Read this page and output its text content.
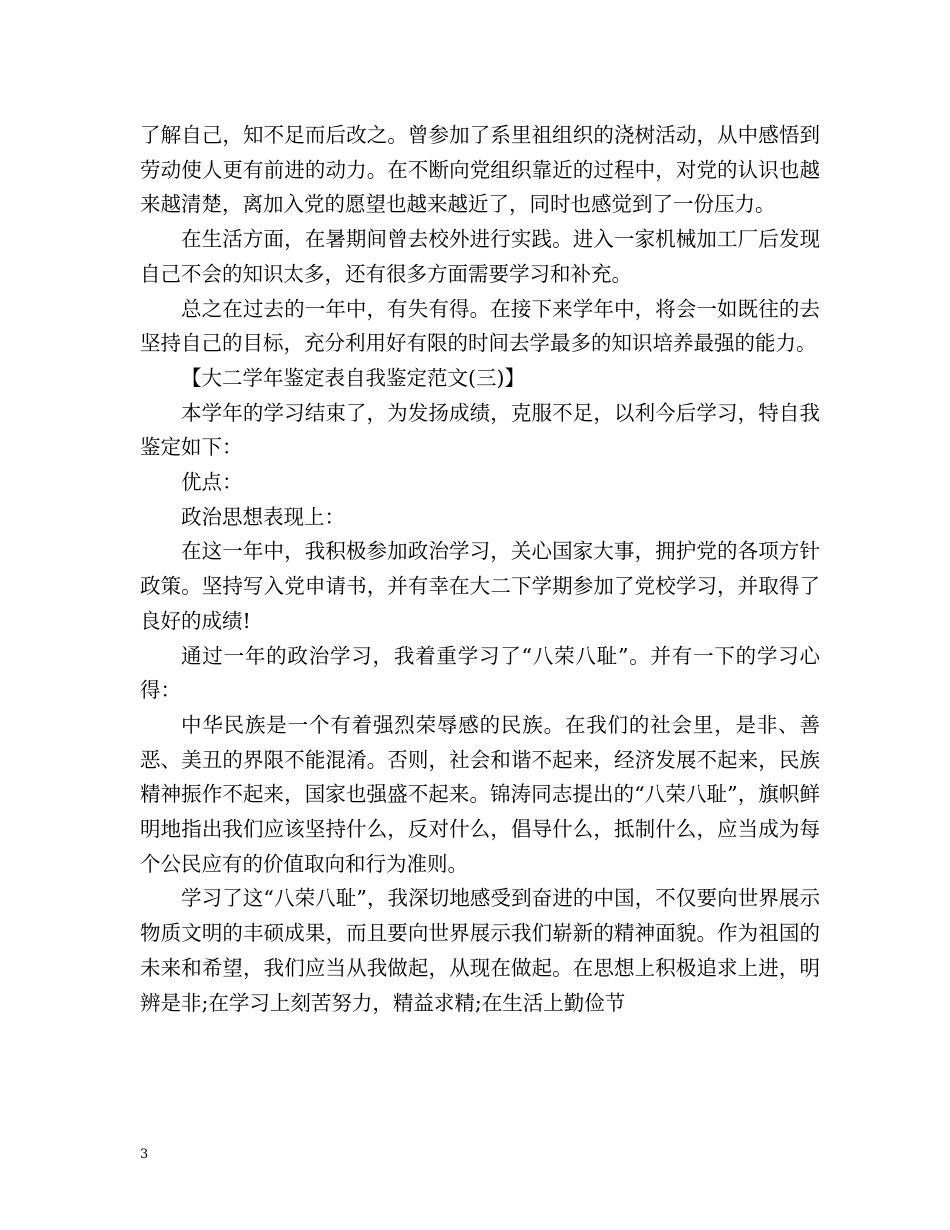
了解自己，知不足而后改之。曾参加了系里祖组织的浇树活动，从中感悟到劳动使人更有前进的动力。在不断向党组织靠近的过程中，对党的认识也越来越清楚，离加入党的愿望也越来越近了，同时也感觉到了一份压力。

在生活方面，在暑期间曾去校外进行实践。进入一家机械加工厂后发现自己不会的知识太多，还有很多方面需要学习和补充。

总之在过去的一年中，有失有得。在接下来学年中，将会一如既往的去坚持自己的目标，充分利用好有限的时间去学最多的知识培养最强的能力。

【大二学年鉴定表自我鉴定范文(三)】

本学年的学习结束了，为发扬成绩，克服不足，以利今后学习，特自我鉴定如下：

优点：

政治思想表现上：

在这一年中，我积极参加政治学习，关心国家大事，拥护党的各项方针政策。坚持写入党申请书，并有幸在大二下学期参加了党校学习，并取得了良好的成绩!

通过一年的政治学习，我着重学习了“八荣八耻”。并有一下的学习心得：

中华民族是一个有着强烈荣辱感的民族。在我们的社会里，是非、善恶、美丑的界限不能混淆。否则，社会和谐不起来，经济发展不起来，民族精神振作不起来，国家也强盛不起来。锦涛同志提出的“八荣八耻”，旗帜鲜明地指出我们应该坚持什么，反对什么，倡导什么，抵制什么，应当成为每个公民应有的价值取向和行为准则。

学习了这“八荣八耻”，我深切地感受到奋进的中国，不仅要向世界展示物质文明的丰硕成果，而且要向世界展示我们崭新的精神面貌。作为祖国的未来和希望，我们应当从我做起，从现在做起。在思想上积极追求上进，明辨是非;在学习上刻苦努力，精益求精;在生活上勤俭节

3
